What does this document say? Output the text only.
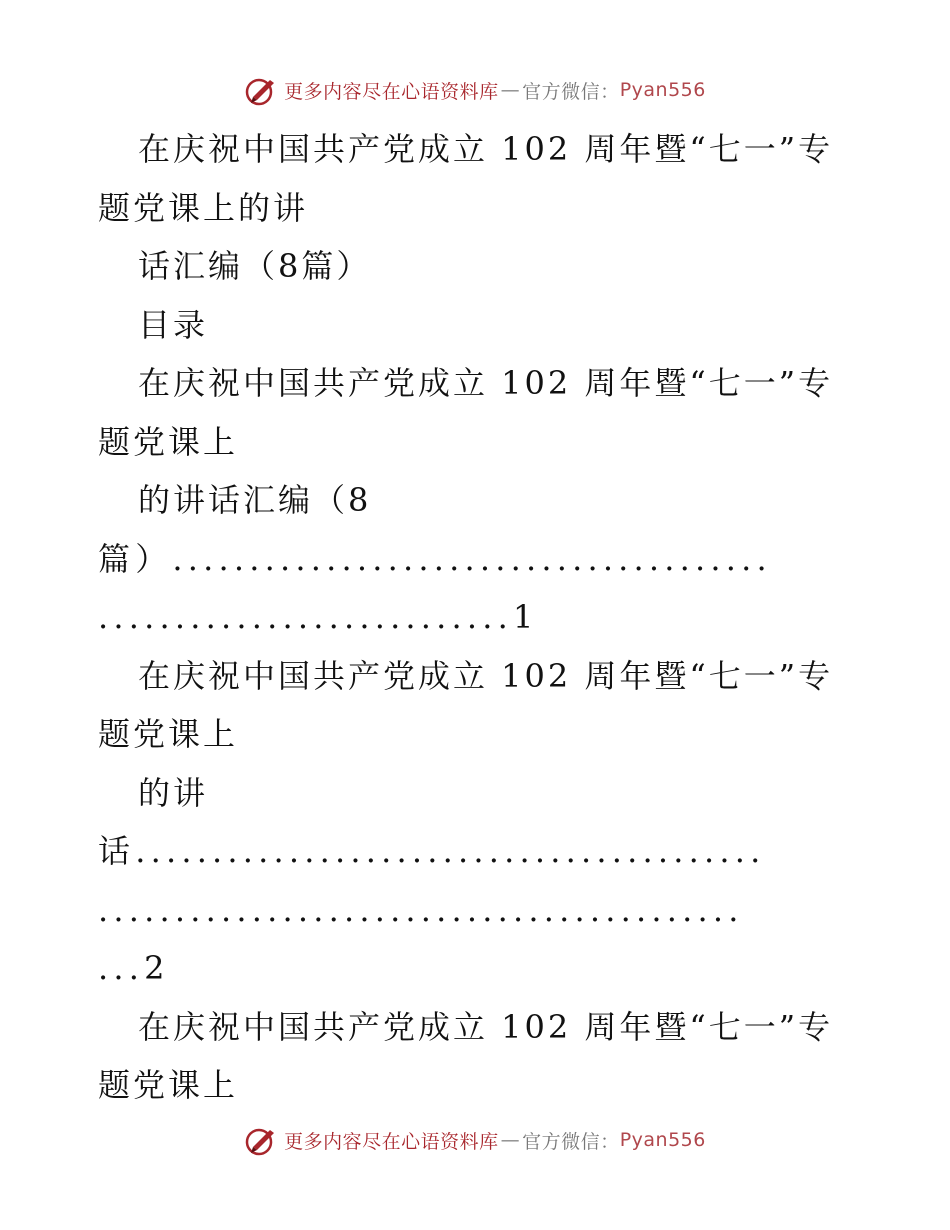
更多内容尽在心语资料库 — 官方微信： Pyan556
在庆祝中国共产党成立 102 周年暨“七一”专
题党课上的讲
话汇编（8篇）
目录
在庆祝中国共产党成立 102 周年暨“七一”专
题党课上
的讲话汇编（8
篇）.......................................
...........................1
在庆祝中国共产党成立 102 周年暨“七一”专
题党课上
的讲
话.........................................
..........................................
...2
在庆祝中国共产党成立 102 周年暨“七一”专
题党课上
更多内容尽在心语资料库 — 官方微信： Pyan556
